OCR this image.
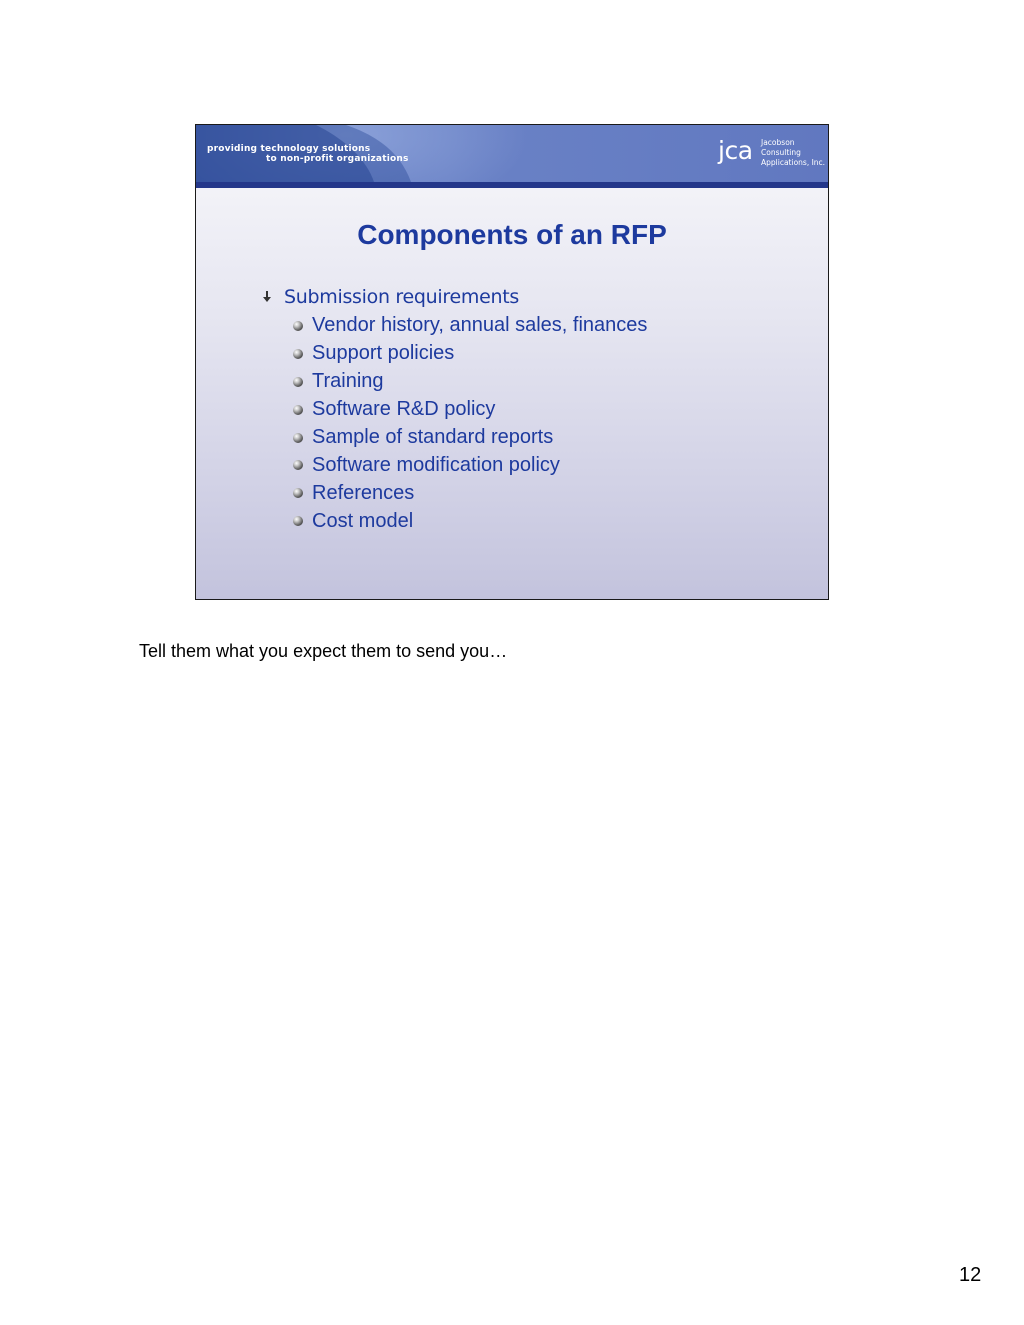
providing technology solutions
to non-profit organizations	jca Jacobson
Consulting
Applications, Inc.
Components of an RFP
Submission requirements
Vendor history, annual sales, finances
Support policies
Training
Software R&D policy
Sample of standard reports
Software modification policy
References
Cost model
Tell them what you expect them to send you…
12
